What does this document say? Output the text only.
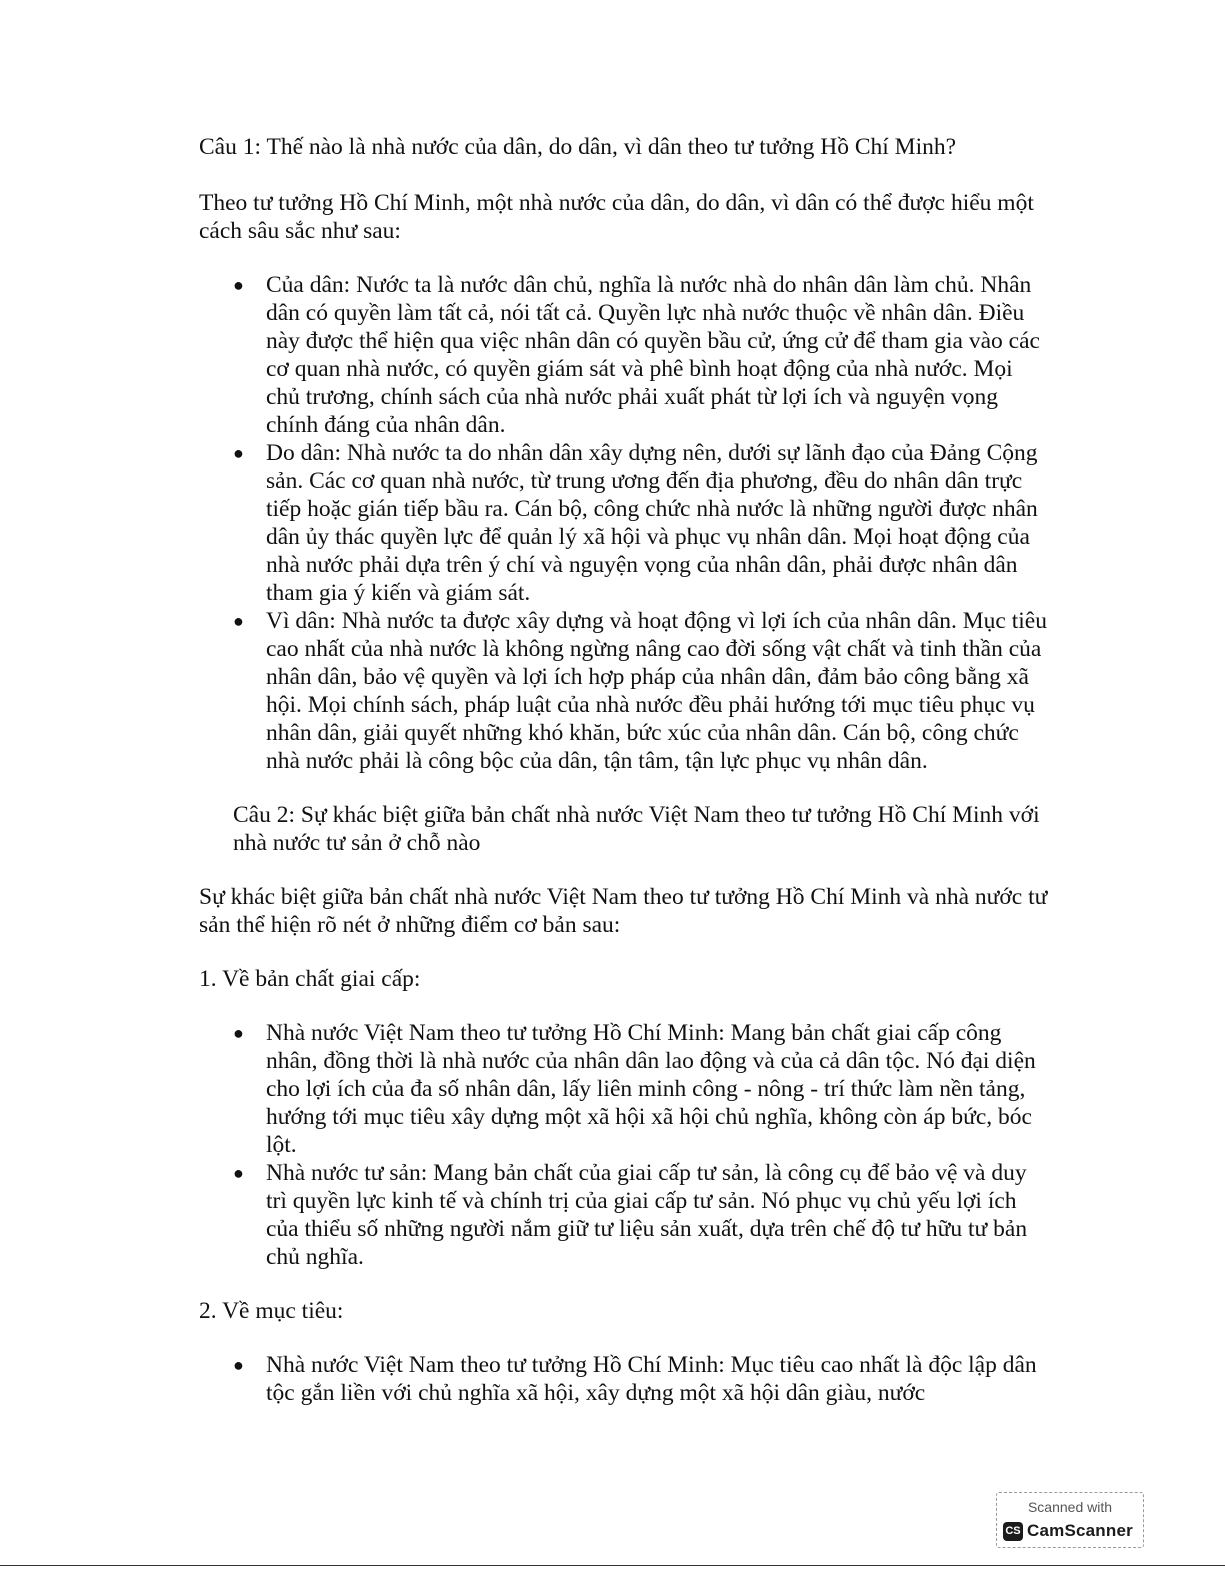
Câu 1: Thế nào là nhà nước của dân, do dân, vì dân theo tư tưởng Hồ Chí Minh?

Theo tư tưởng Hồ Chí Minh, một nhà nước của dân, do dân, vì dân có thể được hiểu một cách sâu sắc như sau:

● Của dân: Nước ta là nước dân chủ, nghĩa là nước nhà do nhân dân làm chủ. Nhân dân có quyền làm tất cả, nói tất cả. Quyền lực nhà nước thuộc về nhân dân. Điều này được thể hiện qua việc nhân dân có quyền bầu cử, ứng cử để tham gia vào các cơ quan nhà nước, có quyền giám sát và phê bình hoạt động của nhà nước. Mọi chủ trương, chính sách của nhà nước phải xuất phát từ lợi ích và nguyện vọng chính đáng của nhân dân.
● Do dân: Nhà nước ta do nhân dân xây dựng nên, dưới sự lãnh đạo của Đảng Cộng sản. Các cơ quan nhà nước, từ trung ương đến địa phương, đều do nhân dân trực tiếp hoặc gián tiếp bầu ra. Cán bộ, công chức nhà nước là những người được nhân dân ủy thác quyền lực để quản lý xã hội và phục vụ nhân dân. Mọi hoạt động của nhà nước phải dựa trên ý chí và nguyện vọng của nhân dân, phải được nhân dân tham gia ý kiến và giám sát.
● Vì dân: Nhà nước ta được xây dựng và hoạt động vì lợi ích của nhân dân. Mục tiêu cao nhất của nhà nước là không ngừng nâng cao đời sống vật chất và tinh thần của nhân dân, bảo vệ quyền và lợi ích hợp pháp của nhân dân, đảm bảo công bằng xã hội. Mọi chính sách, pháp luật của nhà nước đều phải hướng tới mục tiêu phục vụ nhân dân, giải quyết những khó khăn, bức xúc của nhân dân. Cán bộ, công chức nhà nước phải là công bộc của dân, tận tâm, tận lực phục vụ nhân dân.

Câu 2: Sự khác biệt giữa bản chất nhà nước Việt Nam theo tư tưởng Hồ Chí Minh với nhà nước tư sản ở chỗ nào

Sự khác biệt giữa bản chất nhà nước Việt Nam theo tư tưởng Hồ Chí Minh và nhà nước tư sản thể hiện rõ nét ở những điểm cơ bản sau:

1. Về bản chất giai cấp:

● Nhà nước Việt Nam theo tư tưởng Hồ Chí Minh: Mang bản chất giai cấp công nhân, đồng thời là nhà nước của nhân dân lao động và của cả dân tộc. Nó đại diện cho lợi ích của đa số nhân dân, lấy liên minh công - nông - trí thức làm nền tảng, hướng tới mục tiêu xây dựng một xã hội xã hội chủ nghĩa, không còn áp bức, bóc lột.
● Nhà nước tư sản: Mang bản chất của giai cấp tư sản, là công cụ để bảo vệ và duy trì quyền lực kinh tế và chính trị của giai cấp tư sản. Nó phục vụ chủ yếu lợi ích của thiểu số những người nắm giữ tư liệu sản xuất, dựa trên chế độ tư hữu tư bản chủ nghĩa.

2. Về mục tiêu:

● Nhà nước Việt Nam theo tư tưởng Hồ Chí Minh: Mục tiêu cao nhất là độc lập dân tộc gắn liền với chủ nghĩa xã hội, xây dựng một xã hội dân giàu, nước
Scanned with
CS CamScanner
